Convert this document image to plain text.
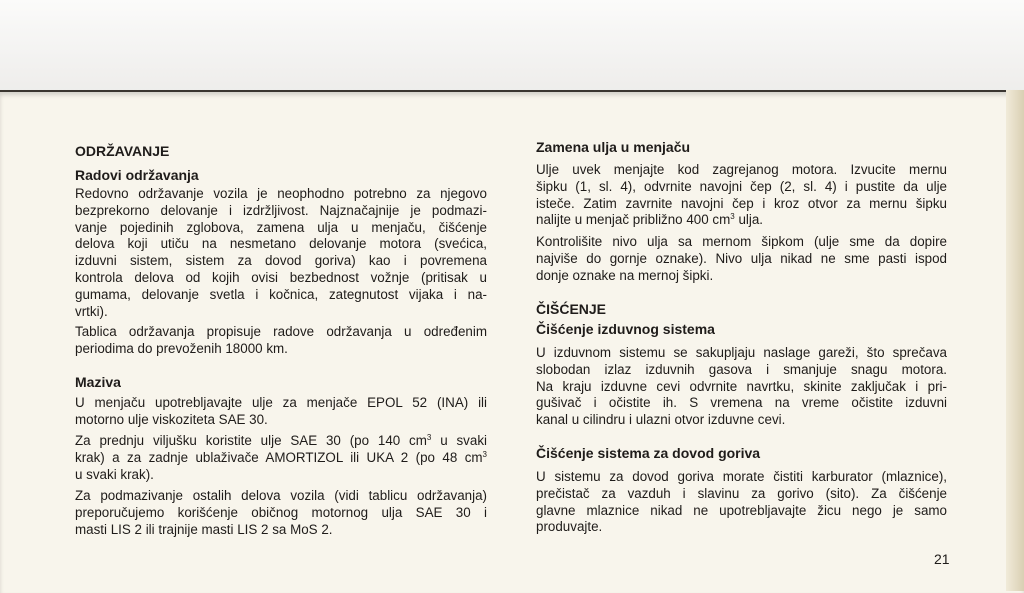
ODRŽAVANJE
Radovi održavanja
Redovno održavanje vozila je neophodno potrebno za njegovo
bezprekorno delovanje i izdržljivost. Najznačajnije je podmazi-
vanje pojedinih zglobova, zamena ulja u menjaču, čišćenje
delova koji utiču na nesmetano delovanje motora (svećica,
izduvni sistem, sistem za dovod goriva) kao i povremena
kontrola delova od kojih ovisi bezbednost vožnje (pritisak u
gumama, delovanje svetla i kočnica, zategnutost vijaka i na-
vrtki).
Tablica održavanja propisuje radove održavanja u određenim
periodima do prevoženih 18000 km.
Maziva
U menjaču upotrebljavajte ulje za menjače EPOL 52 (INA) ili
motorno ulje viskoziteta SAE 30.
Za prednju viljušku koristite ulje SAE 30 (po 140 $cm^3$ u svaki
krak) a za zadnje ublaživače AMORTIZOL ili UKA 2 (po 48 $cm^3$
u svaki krak).
Za podmazivanje ostalih delova vozila (vidi tablicu održavanja)
preporučujemo korišćenje običnog motornog ulja SAE 30 i
masti LIS 2 ili trajnije masti LIS 2 sa MoS 2.
Zamena ulja u menjaču
Ulje uvek menjajte kod zagrejanog motora. Izvucite mernu
šipku (1, sl. 4), odvrnite navojni čep (2, sl. 4) i pustite da ulje
isteče. Zatim zavrnite navojni čep i kroz otvor za mernu šipku
nalijte u menjač približno 400 $cm^3$ ulja.
Kontrolišite nivo ulja sa mernom šipkom (ulje sme da dopire
najviše do gornje oznake). Nivo ulja nikad ne sme pasti ispod
donje oznake na mernoj šipki.
ČIŠĆENJE
Čišćenje izduvnog sistema
U izduvnom sistemu se sakupljaju naslage gareži, što sprečava
slobodan izlaz izduvnih gasova i smanjuje snagu motora.
Na kraju izduvne cevi odvrnite navrtku, skinite zaključak i pri-
gušivač i očistite ih. S vremena na vreme očistite izduvni
kanal u cilindru i ulazni otvor izduvne cevi.
Čišćenje sistema za dovod goriva
U sistemu za dovod goriva morate čistiti karburator (mlaznice),
prečistač za vazduh i slavinu za gorivo (sito). Za čišćenje
glavne mlaznice nikad ne upotrebljavajte žicu nego je samo
produvajte.
21
